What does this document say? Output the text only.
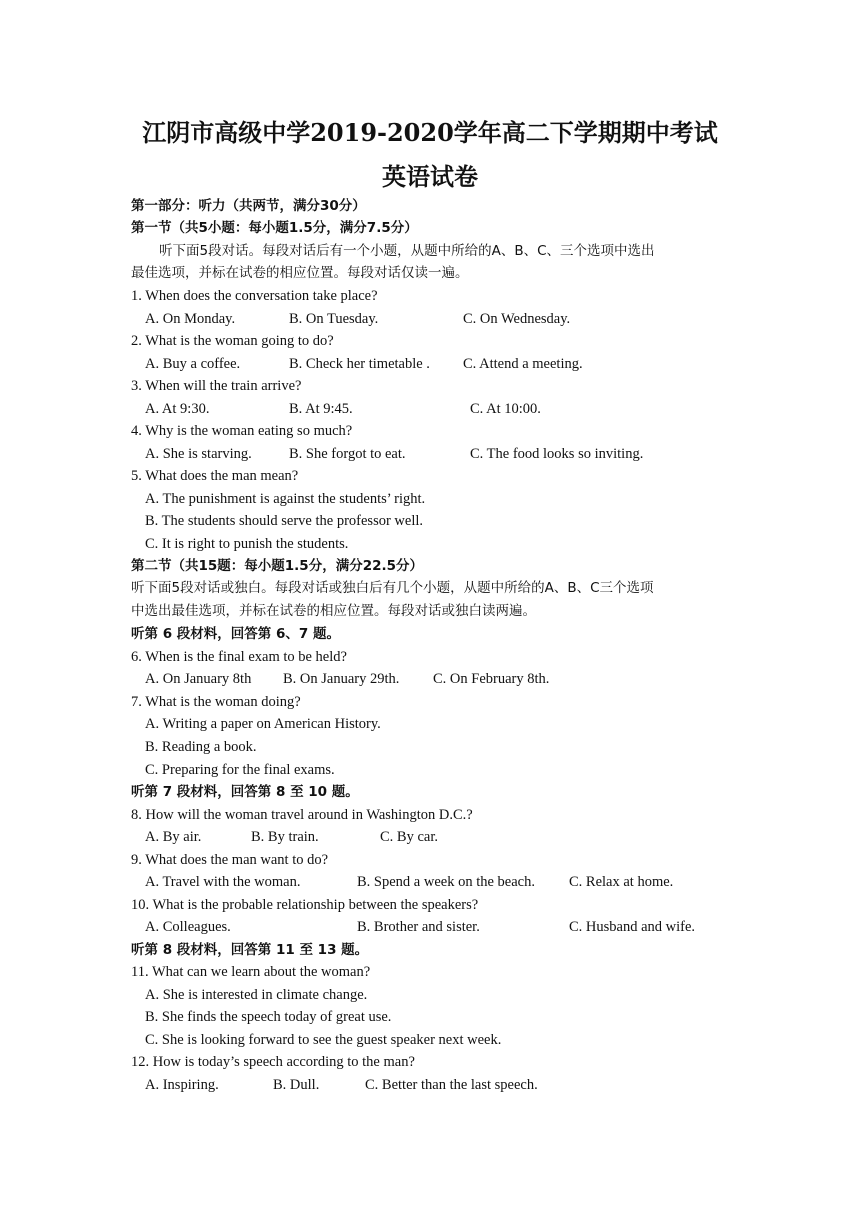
江阴市高级中学2019-2020学年高二下学期期中考试
英语试卷
第一部分：听力（共两节，满分30分）
第一节（共5小题：每小题1.5分，满分7.5分）
听下面5段对话。每段对话后有一个小题，从题中所给的A、B、C、三个选项中选出
最佳选项，并标在试卷的相应位置。每段对话仅读一遍。
1. When does the conversation take place?
A. On Monday.	B. On Tuesday.	C. On Wednesday.
2. What is the woman going to do?
A. Buy a coffee.	B. Check her timetable . C. Attend a meeting.
3. When will the train arrive?
A. At 9:30.	B. At 9:45.	C. At 10:00.
4. Why is the woman eating so much?
A. She is starving.	B. She forgot to eat.	C. The food looks so inviting.
5. What does the man mean?
A. The punishment is against the students’ right.
B. The students should serve the professor well.
C. It is right to punish the students.
第二节（共15题：每小题1.5分，满分22.5分）
听下面5段对话或独白。每段对话或独白后有几个小题，从题中所给的A、B、C三个选项
中选出最佳选项，并标在试卷的相应位置。每段对话或独白读两遍。
听第 6 段材料，回答第 6、7 题。
6. When is the final exam to be held?
A. On January 8th B. On January 29th. C. On February 8th.
7. What is the woman doing?
A. Writing a paper on American History.
B. Reading a book.
C. Preparing for the final exams.
听第 7 段材料，回答第 8 至 10 题。
8. How will the woman travel around in Washington D.C.?
A. By air.	B. By train.	C. By car.
9. What does the man want to do?
A. Travel with the woman.	B. Spend a week on the beach. C. Relax at home.
10. What is the probable relationship between the speakers?
A. Colleagues.	B. Brother and sister.	C. Husband and wife.
听第 8 段材料，回答第 11 至 13 题。
11. What can we learn about the woman?
A. She is interested in climate change.
B. She finds the speech today of great use.
C. She is looking forward to see the guest speaker next week.
12. How is today’s speech according to the man?
A. Inspiring.	B. Dull.	C. Better than the last speech.
